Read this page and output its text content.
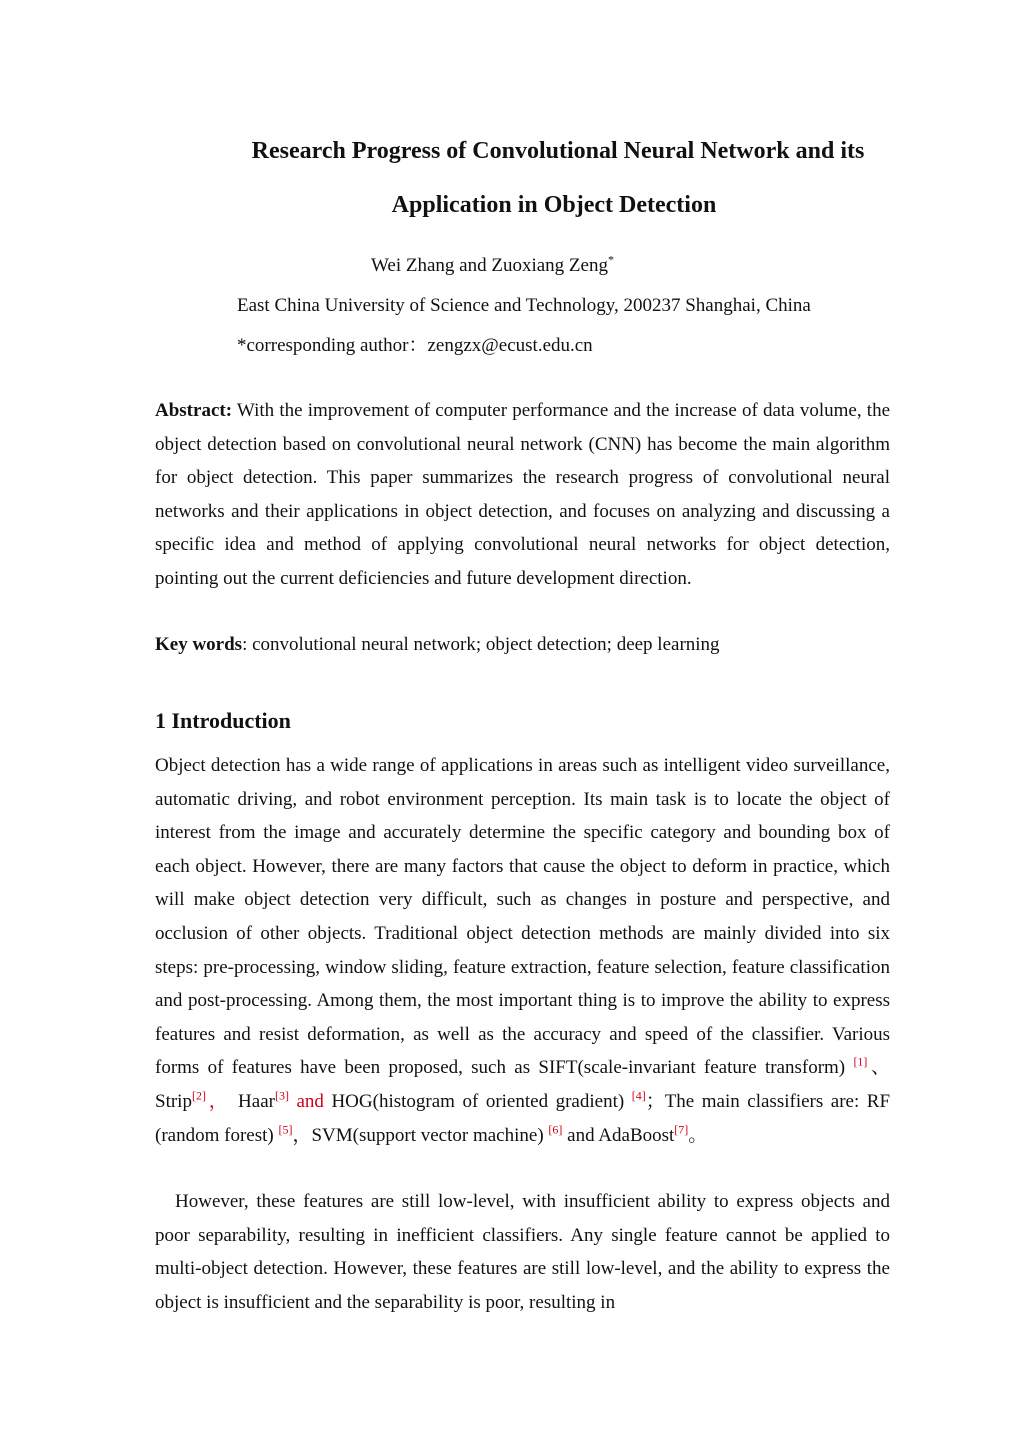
Research Progress of Convolutional Neural Network and its
Application in Object Detection
Wei Zhang and Zuoxiang Zeng*
East China University of Science and Technology, 200237 Shanghai, China
*corresponding author：zengzx@ecust.edu.cn
Abstract: With the improvement of computer performance and the increase of data volume, the object detection based on convolutional neural network (CNN) has become the main algorithm for object detection. This paper summarizes the research progress of convolutional neural networks and their applications in object detection, and focuses on analyzing and discussing a specific idea and method of applying convolutional neural networks for object detection, pointing out the current deficiencies and future development direction.
Key words: convolutional neural network; object detection; deep learning
1 Introduction
Object detection has a wide range of applications in areas such as intelligent video surveillance, automatic driving, and robot environment perception. Its main task is to locate the object of interest from the image and accurately determine the specific category and bounding box of each object. However, there are many factors that cause the object to deform in practice, which will make object detection very difficult, such as changes in posture and perspective, and occlusion of other objects. Traditional object detection methods are mainly divided into six steps: pre-processing, window sliding, feature extraction, feature selection, feature classification and post-processing. Among them, the most important thing is to improve the ability to express features and resist deformation, as well as the accuracy and speed of the classifier. Various forms of features have been proposed, such as SIFT(scale-invariant feature transform) [1]、Strip[2]， Haar[3] and HOG(histogram of oriented gradient) [4]；The main classifiers are: RF (random forest) [5]，SVM(support vector machine) [6] and AdaBoost[7]。
However, these features are still low-level, with insufficient ability to express objects and poor separability, resulting in inefficient classifiers. Any single feature cannot be applied to multi-object detection. However, these features are still low-level, and the ability to express the object is insufficient and the separability is poor, resulting in
